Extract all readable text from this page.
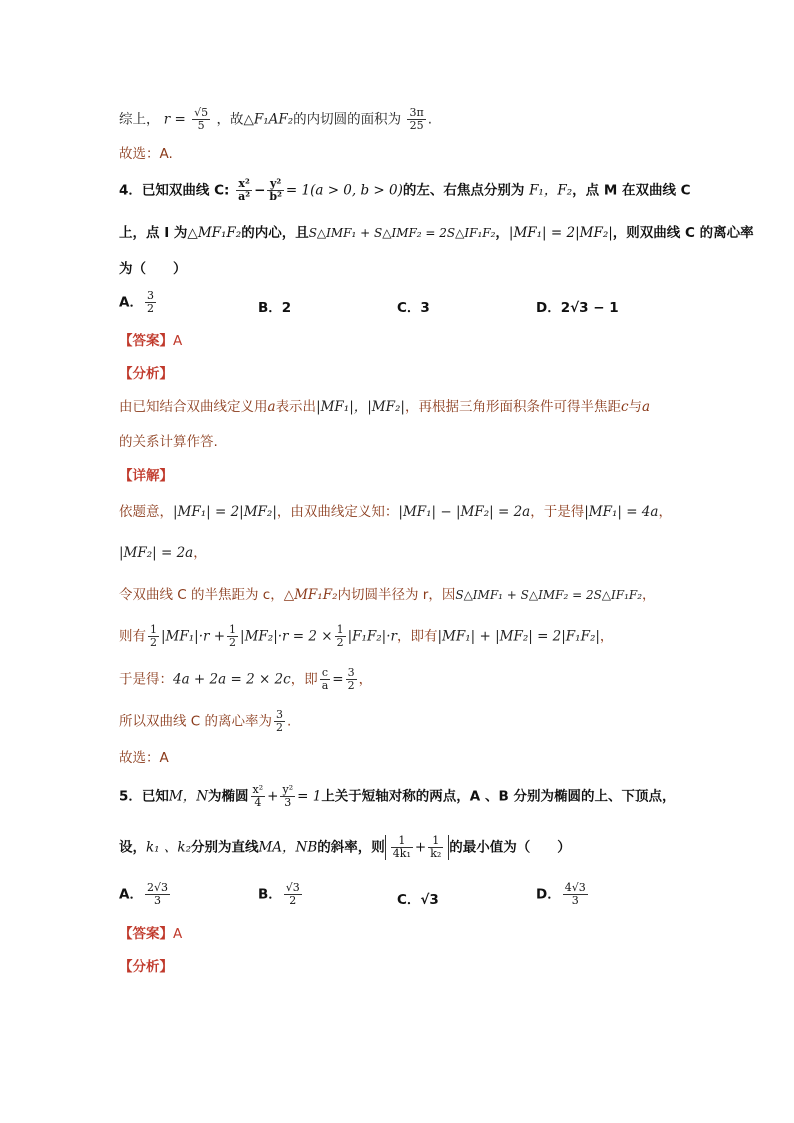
综上， $r = \frac{√5}{5}$ ，故△F₁AF₂的内切圆的面积为 $\frac{3\pi}{25}$ .
故选：A.
4．已知双曲线 C: $\frac{\text{x²}}{\text{a²}} - \frac{\text{y²}}{\text{b²}} = 1(a > 0$, b > 0)的左、右焦点分别为 F₁，F₂，点 M 在双曲线 C
上，点 I 为△MF₁F₂的内心，且S△IMF₁ + S△IMF₂ = 2S△IF₁F₂，|MF₁| = 2|MF₂|，则双曲线 C 的离心率
为（　　）
A． $\frac{3}{2}$	B．2	C．3	D．2√3 − 1
【答案】A
【分析】
由已知结合双曲线定义用a表示出|MF₁|，|MF₂|，再根据三角形面积条件可得半焦距c与a
的关系计算作答.
【详解】
依题意，|MF₁| = 2|MF₂|，由双曲线定义知：|MF₁| − |MF₂| = 2a，于是得|MF₁| = 4a，
|MF₂| = 2a，
令双曲线 C 的半焦距为 c，△MF₁F₂内切圆半径为 r，因S△IMF₁ + S△IMF₂ = 2S△IF₁F₂，
则有 $\frac{1}{2} |MF_1|\cdot r + \frac{1}{2} |MF_2|\cdot r = 2 \times \frac{1}{2} |F_1F_2|\cdot r$，即有|MF₁| + |MF₂| = 2|F₁F₂|，
于是得：4a + 2a = 2 × 2c，即 $\frac{c}{a} = \frac{3}{2}$ ，
所以双曲线 C 的离心率为 $\frac{3}{2}$ .
故选：A
5．已知M，N为椭圆 $\frac{\text{x²}}{4} + \frac{\text{y²}}{3} = 1$上关于短轴对称的两点，A 、B 分别为椭圆的上、下顶点，
设，k₁ 、k₂分别为直线MA，NB的斜率，则 $\frac{1}{\text{4k₁}} + \frac{1}{\text{k₂}}$ 的最小值为（　　）
A． $\frac{2√3}{3}$	B． $\frac{√3}{2}$	C．√3	D． $\frac{4√3}{3}$
【答案】A
【分析】
